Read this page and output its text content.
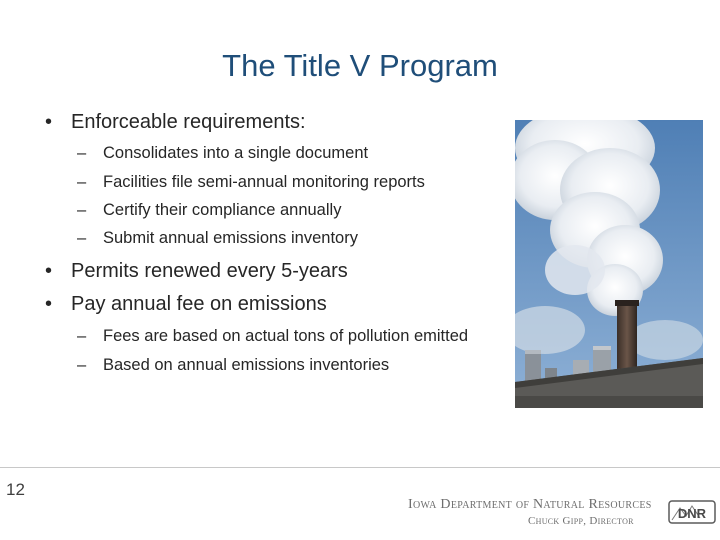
The Title V Program
• Enforceable requirements:
– Consolidates into a single document
– Facilities file semi-annual monitoring reports
– Certify their compliance annually
– Submit annual emissions inventory
• Permits renewed every 5-years
• Pay annual fee on emissions
– Fees are based on actual tons of pollution emitted
– Based on annual emissions inventories
12
Iowa Department of Natural Resources
Chuck Gipp, Director	DNR
